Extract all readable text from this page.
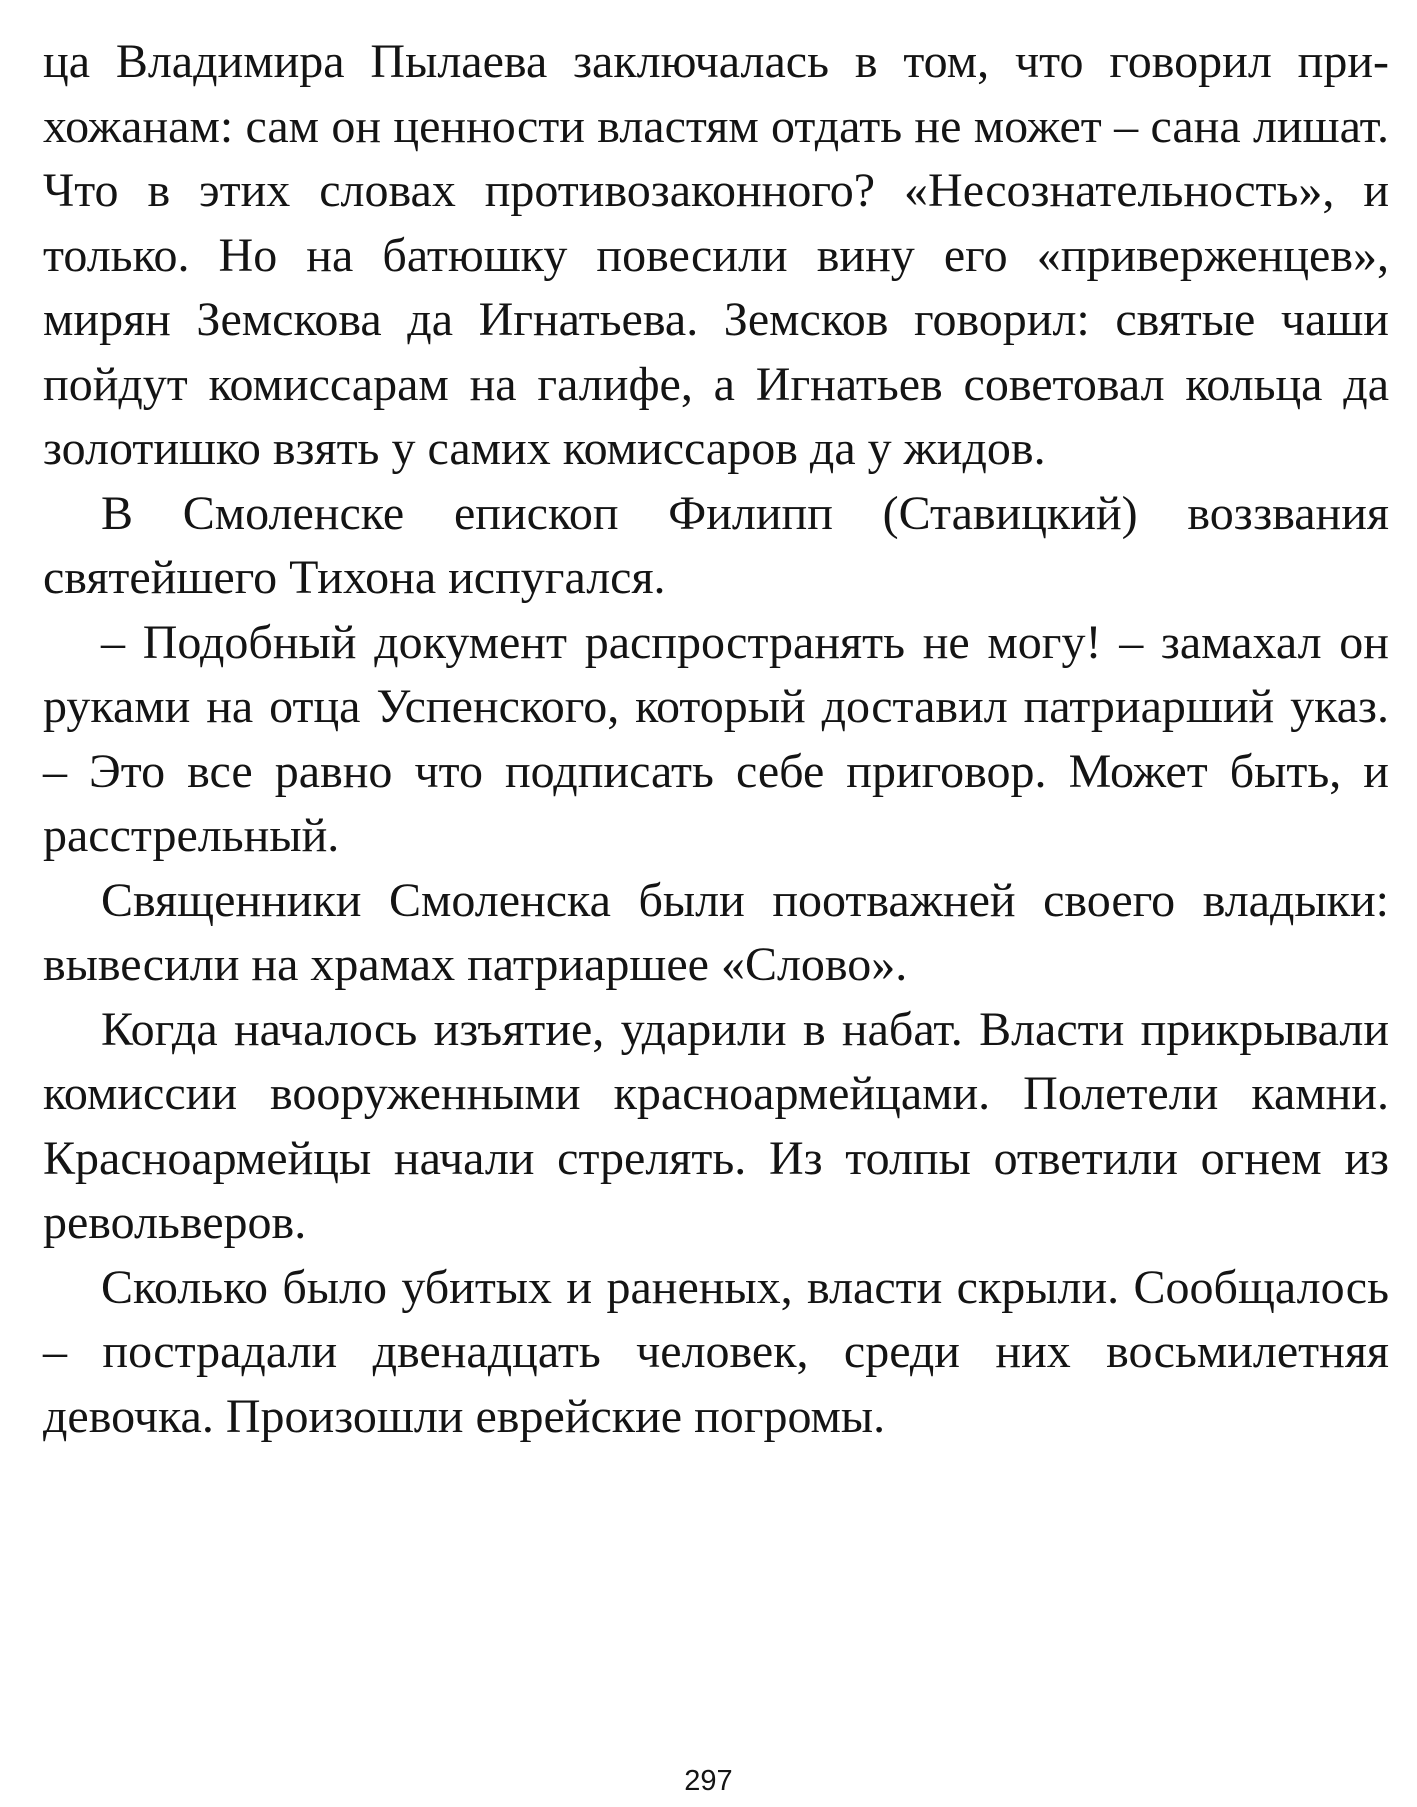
ца Владимира Пылаева заключалась в том, что говорил прихожанам: сам он ценности властям отдать не может – сана лишат. Что в этих словах противозаконного? «Несознательность», и только. Но на батюшку повесили вину его «приверженцев», мирян Земскова да Игнатьева. Земсков говорил: святые чаши пойдут комиссарам на галифе, а Игнатьев советовал кольца да золотишко взять у самих комиссаров да у жидов.

В Смоленске епископ Филипп (Ставицкий) воззвания святейшего Тихона испугался.

– Подобный документ распространять не могу! – замахал он руками на отца Успенского, который доставил патриарший указ. – Это все равно что подписать себе приговор. Может быть, и расстрельный.

Священники Смоленска были поотважней своего владыки: вывесили на храмах патриаршее «Слово».

Когда началось изъятие, ударили в набат. Власти прикрывали комиссии вооруженными красноармейцами. Полетели камни. Красноармейцы начали стрелять. Из толпы ответили огнем из револьверов.

Сколько было убитых и раненых, власти скрыли. Сообщалось – пострадали двенадцать человек, среди них восьмилетняя девочка. Произошли еврейские погромы.

297
